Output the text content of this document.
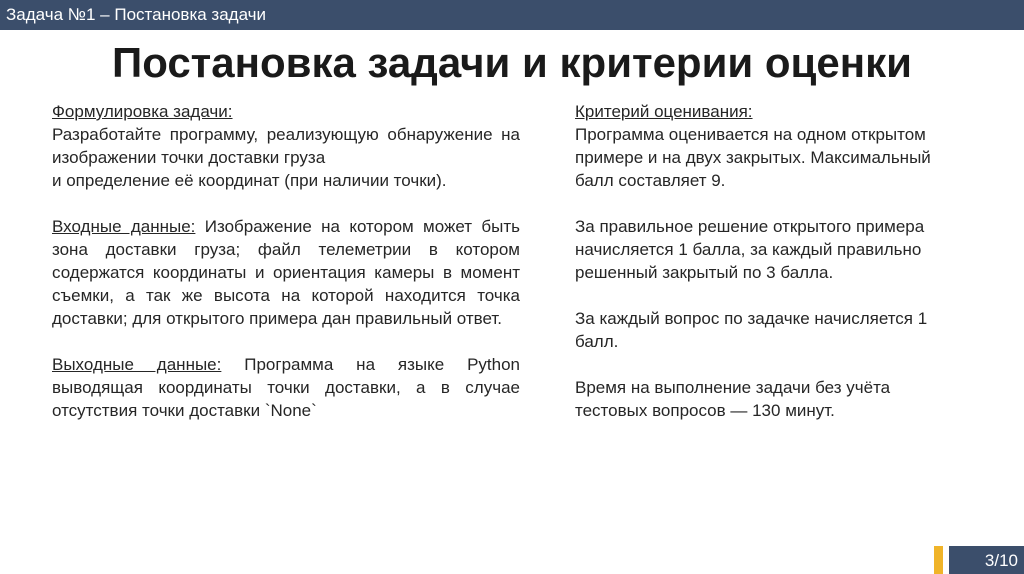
Задача №1 – Постановка задачи
Постановка задачи и критерии оценки
Формулировка задачи:
Разработайте программу, реализующую обнаружение на изображении точки доставки груза
и определение её координат (при наличии точки).
Входные данные: Изображение на котором может быть зона доставки груза; файл телеметрии в котором содержатся координаты и ориентация камеры в момент съемки, а так же высота на которой находится точка доставки; для открытого примера дан правильный ответ.
Выходные данные: Программа на языке Python выводящая координаты точки доставки, а в случае отсутствия точки доставки `None`
Критерий оценивания:
Программа оценивается на одном открытом
примере и на двух закрытых. Максимальный
балл составляет 9.
За правильное решение открытого примера
начисляется 1 балла, за каждый правильно
решенный закрытый по 3 балла.
За каждый вопрос по задачке начисляется 1
балл.
Время на выполнение задачи без учёта
тестовых вопросов — 130 минут.
3/10
